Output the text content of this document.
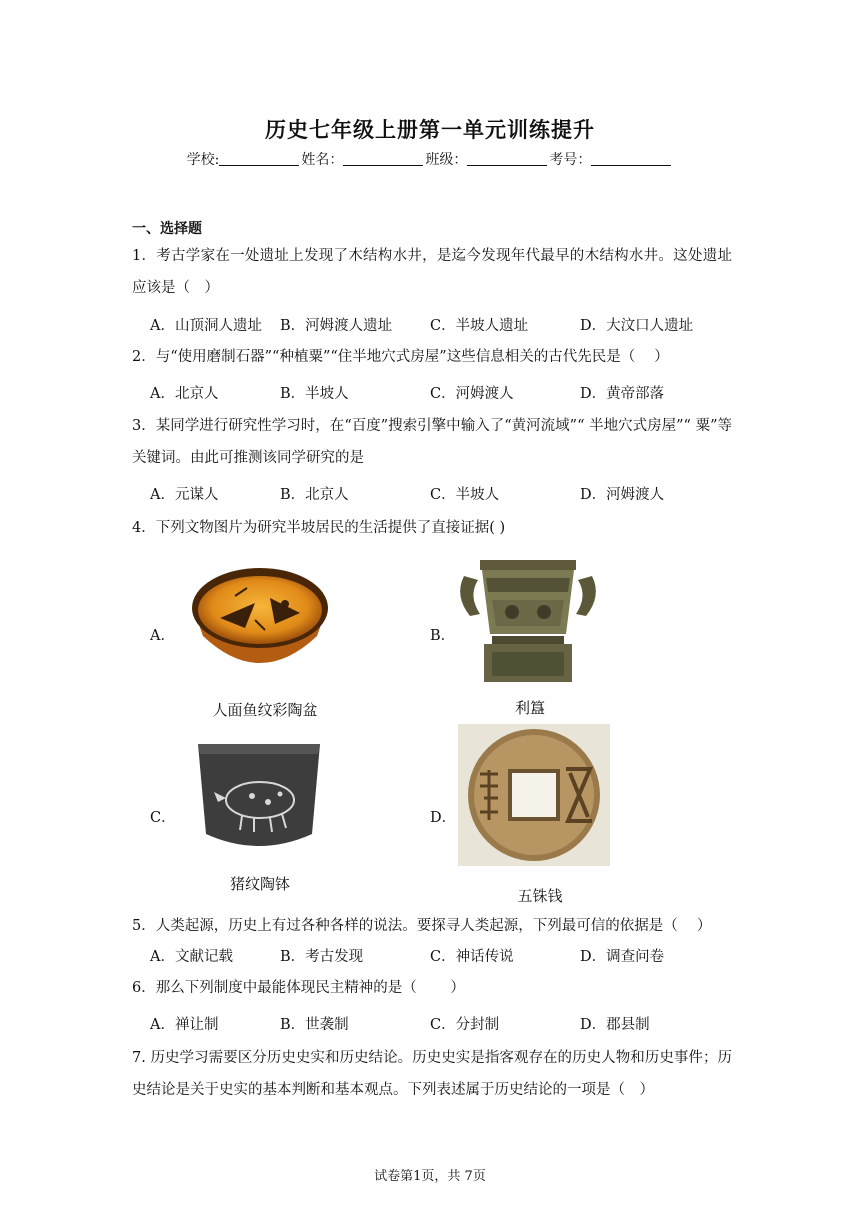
历史七年级上册第一单元训练提升
学校:	姓名：	班级：	考号：
一、选择题
1．考古学家在一处遗址上发现了木结构水井，是迄今发现年代最早的木结构水井。这处遗址应该是（　）
A．山顶洞人遗址 B．河姆渡人遗址	C．半坡人遗址	D．大汶口人遗址
2．与“使用磨制石器”“种植粟”“住半地穴式房屋”这些信息相关的古代先民是（　 ）
A．北京人	B．半坡人	C．河姆渡人	D．黄帝部落
3．某同学进行研究性学习时，在“百度”搜索引擎中输入了“黄河流域”“ 半地穴式房屋”“ 粟”等关键词。由此可推测该同学研究的是
A．元谋人	B．北京人	C．半坡人	D．河姆渡人
4．下列文物图片为研究半坡居民的生活提供了直接证据( )
A．
人面鱼纹彩陶盆
B．
利簋
C．
猪纹陶钵
D．
五铢钱
5．人类起源，历史上有过各种各样的说法。要探寻人类起源，下列最可信的依据是（　 ）
A．文献记载	B．考古发现	C．神话传说	D．调查问卷
6．那么下列制度中最能体现民主精神的是（　　 ）
A．禅让制	B．世袭制	C．分封制	D．郡县制
7. 历史学习需要区分历史史实和历史结论。历史史实是指客观存在的历史人物和历史事件；历史结论是关于史实的基本判断和基本观点。下列表述属于历史结论的一项是（　）
试卷第1页，共 7页
